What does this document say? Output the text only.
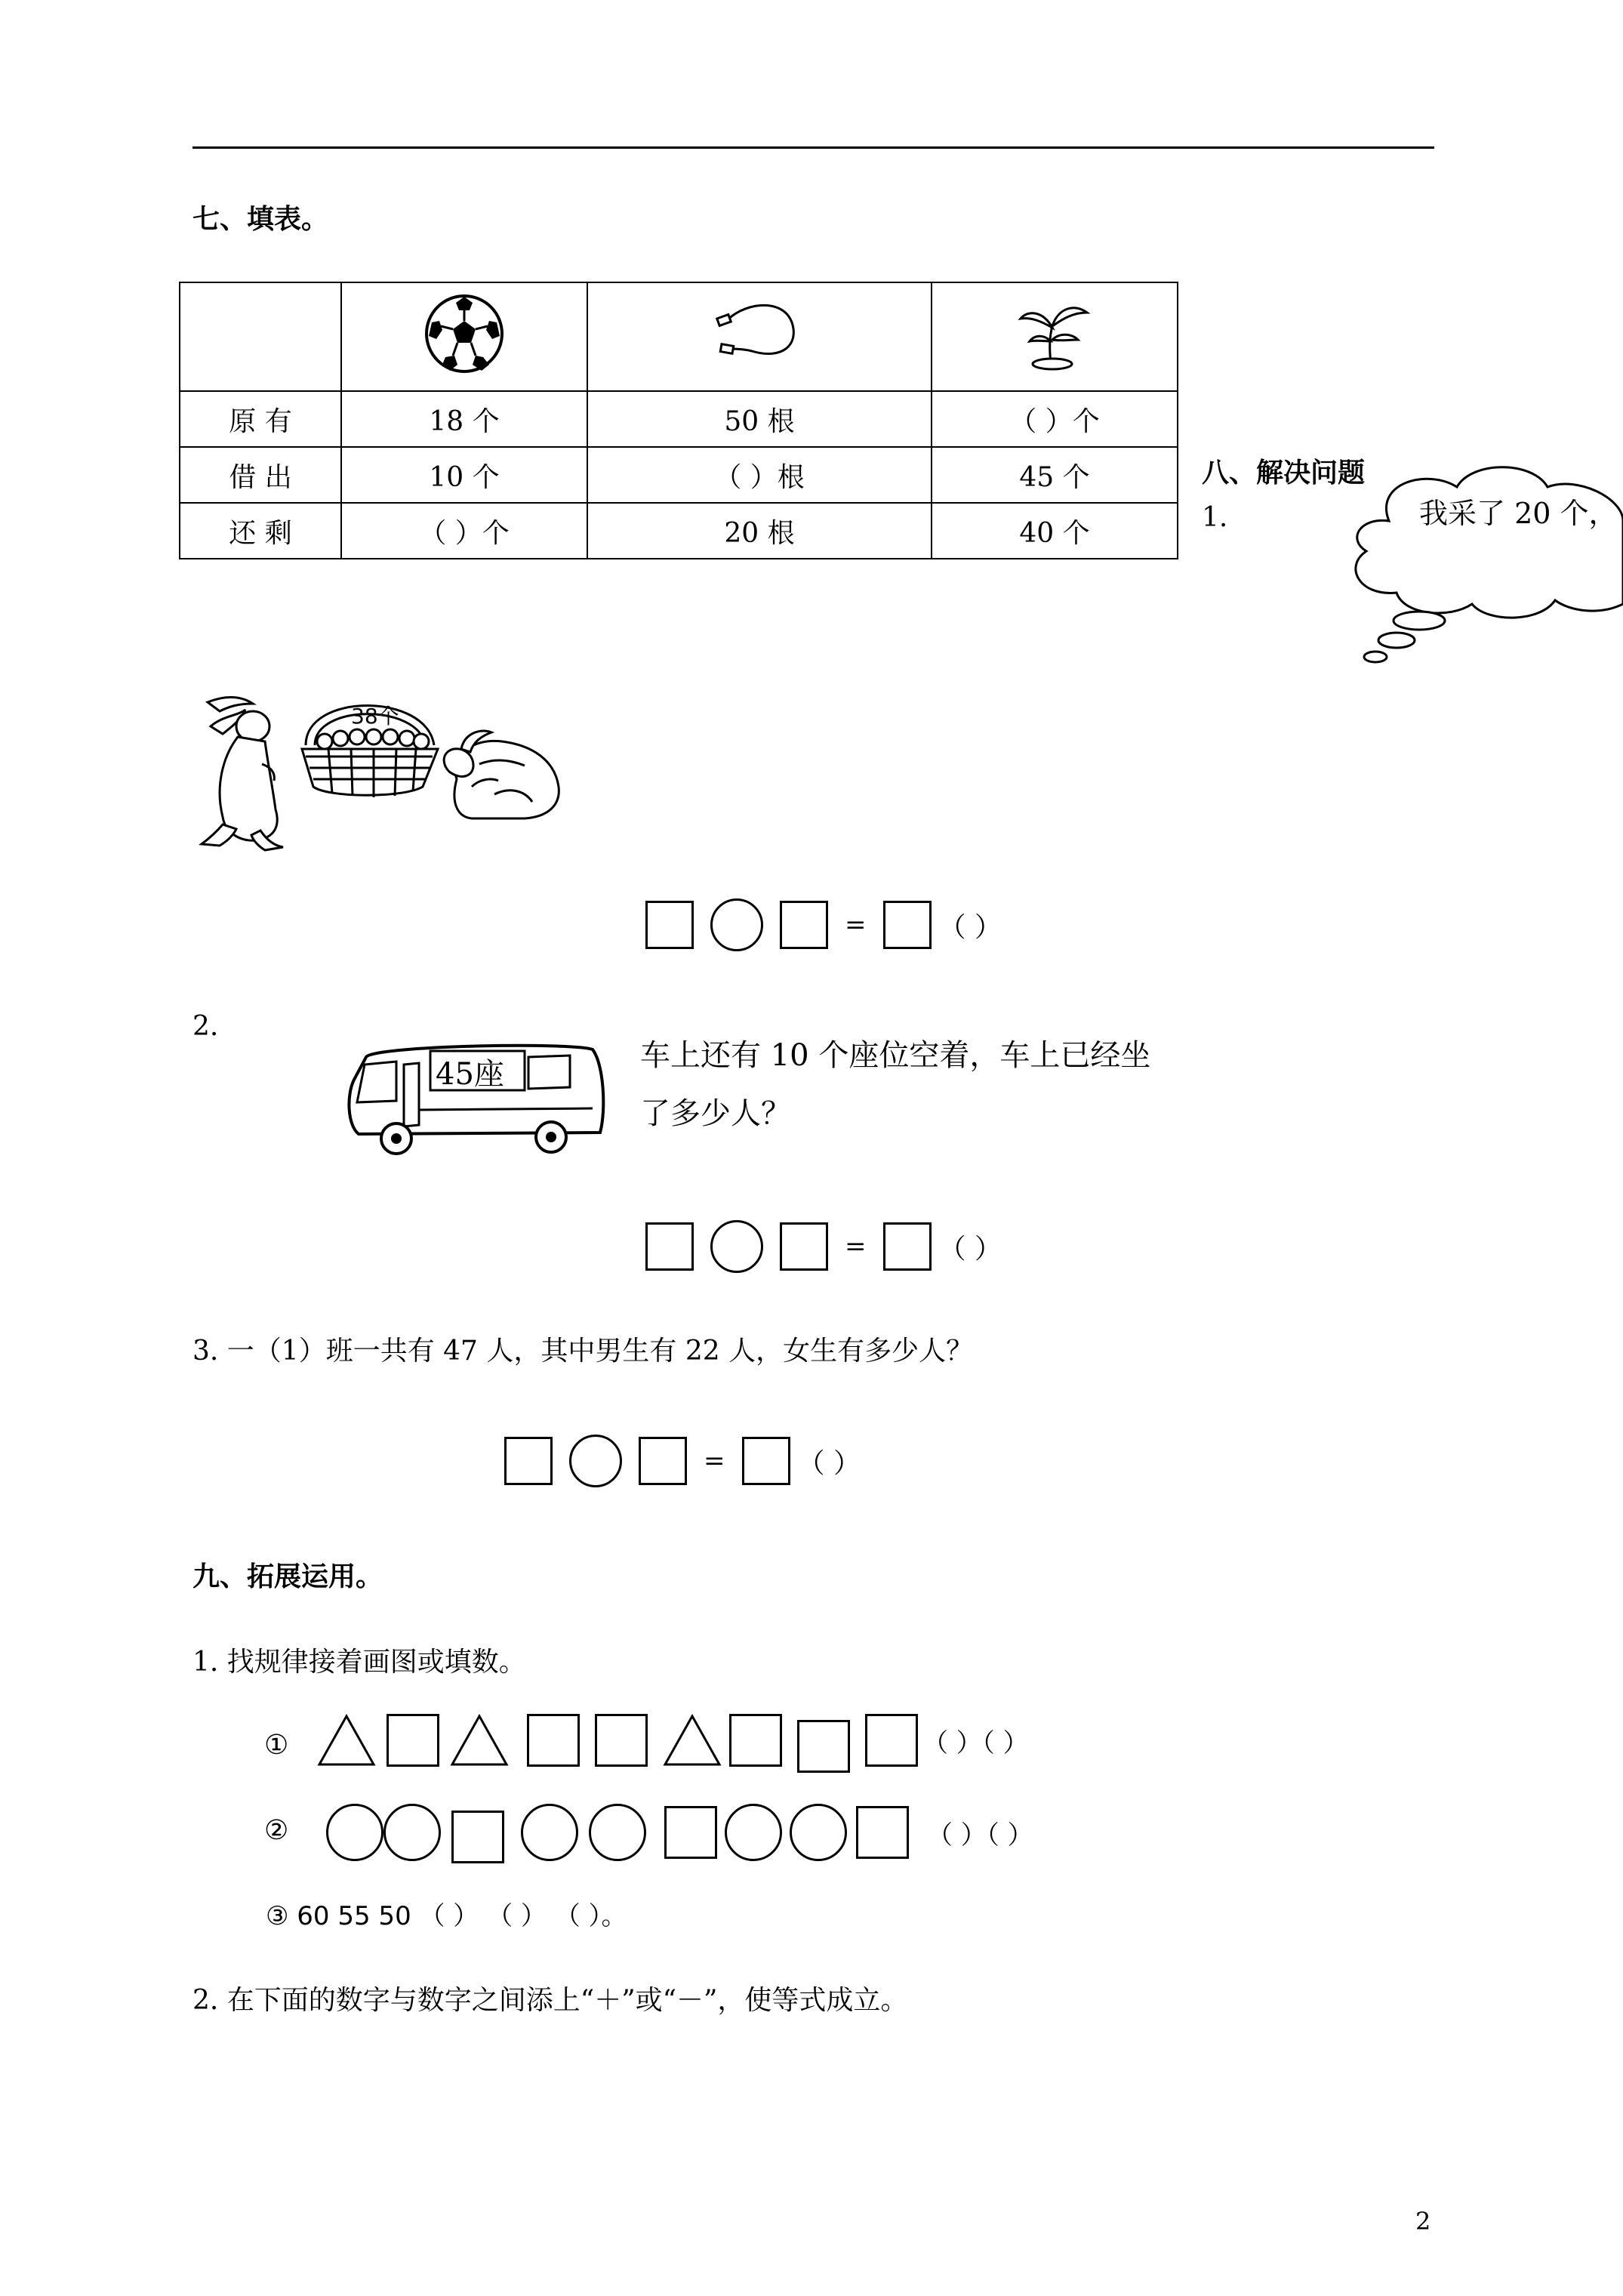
七、填表。

原 有	18 个	50 根	（ ）个
借 出	10 个	（ ）根	45 个
还 剩	（ ）个	20 根	40 个
八、解决问题
1.	我采了 20 个，
38个
=	（ ）
2.
45座
车上还有 10 个座位空着，车上已经坐
了多少人？
=	（ ）
3. 一（1）班一共有 47 人，其中男生有 22 人，女生有多少人？
=	（ ）
九、拓展运用。
1. 找规律接着画图或填数。
①	（ ）（ ）
②	（ ）（ ）
③ 60 55 50 （ ） （ ） （ ）。
2. 在下面的数字与数字之间添上“＋”或“－”，使等式成立。
2
